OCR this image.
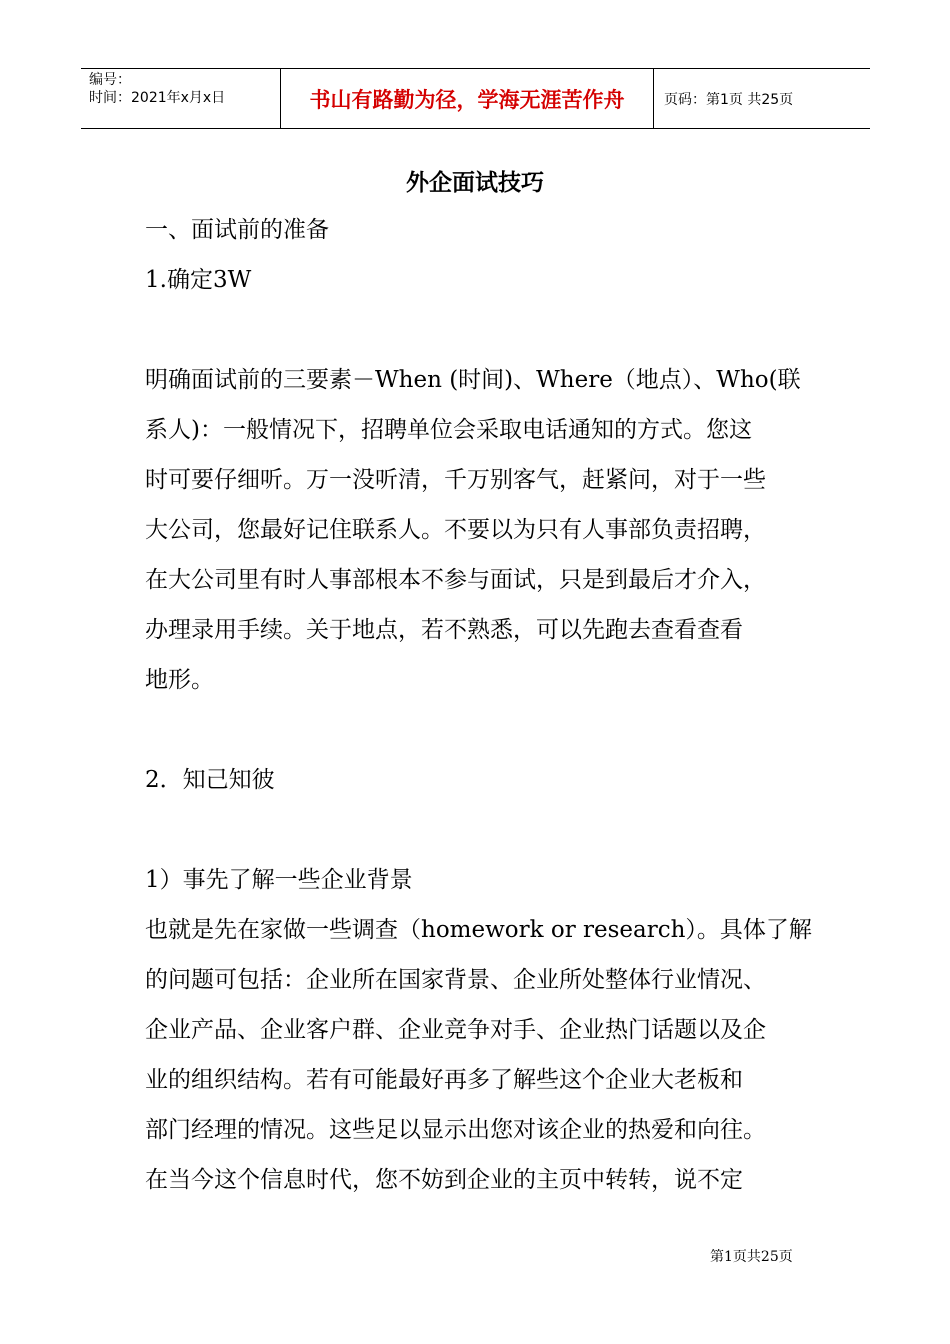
编号：
时间：2021年x月x日	书山有路勤为径，学海无涯苦作舟	页码：第1页 共25页
外企面试技巧

一、面试前的准备

1.确定3W

明确面试前的三要素－When (时间)、Where（地点）、Who(联

系人)：一般情况下，招聘单位会采取电话通知的方式。您这

时可要仔细听。万一没听清，千万别客气，赶紧问，对于一些

大公司，您最好记住联系人。不要以为只有人事部负责招聘，

在大公司里有时人事部根本不参与面试，只是到最后才介入，

办理录用手续。关于地点，若不熟悉，可以先跑去查看查看

地形。

2．知己知彼

1）事先了解一些企业背景

也就是先在家做一些调查（homework or research）。具体了解

的问题可包括：企业所在国家背景、企业所处整体行业情况、

企业产品、企业客户群、企业竞争对手、企业热门话题以及企

业的组织结构。若有可能最好再多了解些这个企业大老板和

部门经理的情况。这些足以显示出您对该企业的热爱和向往。

在当今这个信息时代，您不妨到企业的主页中转转，说不定

第1页共25页
